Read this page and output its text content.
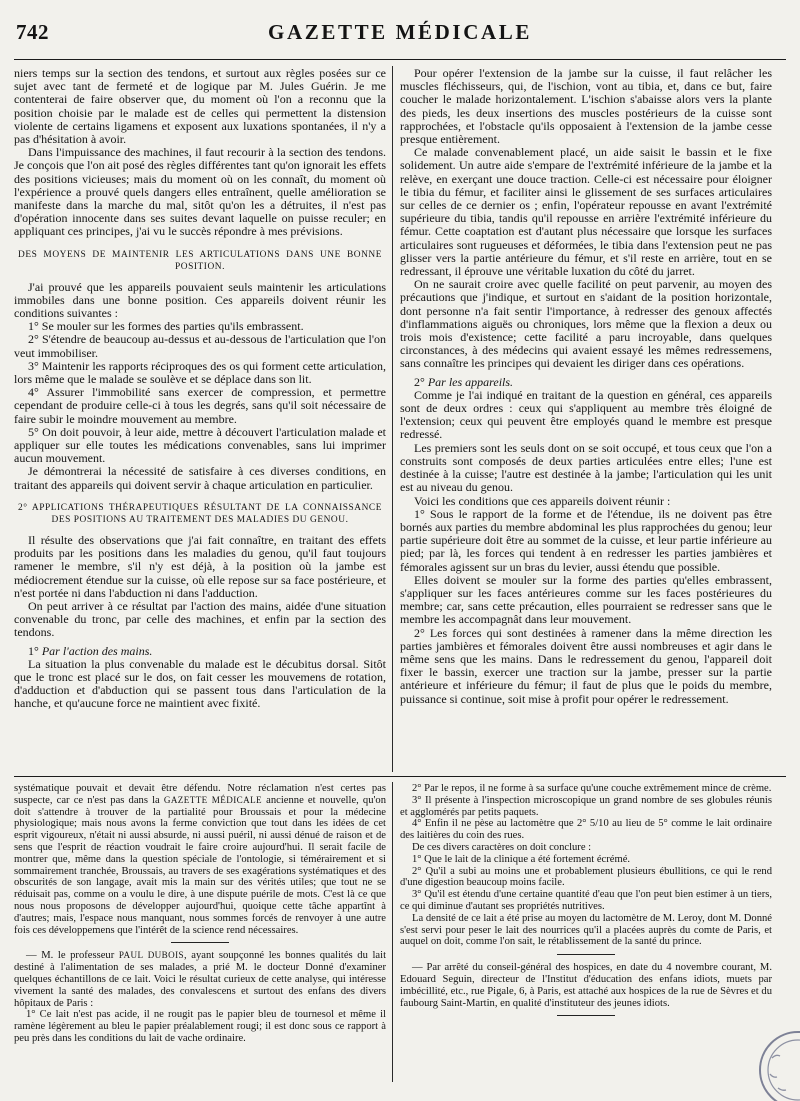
742	GAZETTE MÉDICALE

niers temps sur la section des tendons, et surtout aux règles posées sur ce sujet avec tant de fermeté et de logique par M. Jules Guérin. Je me contenterai de faire observer que, du moment où l'on a reconnu que la position choisie par le malade est de celles qui permettent la distension violente de certains ligamens et exposent aux luxations spontanées, il n'y a pas d'hésitation à avoir.

Dans l'impuissance des machines, il faut recourir à la section des tendons. Je conçois que l'on ait posé des règles différentes tant qu'on ignorait les effets des positions vicieuses; mais du moment où on les connaît, du moment où l'expérience a prouvé quels dangers elles entraînent, quelle amélioration se manifeste dans la marche du mal, sitôt qu'on les a détruites, il n'est pas d'opération innocente dans ses suites devant laquelle on puisse reculer; en appliquant ces principes, j'ai vu le succès répondre à mes prévisions.

DES MOYENS DE MAINTENIR LES ARTICULATIONS DANS UNE BONNE POSITION.

J'ai prouvé que les appareils pouvaient seuls maintenir les articulations immobiles dans une bonne position. Ces appareils doivent réunir les conditions suivantes :

1° Se mouler sur les formes des parties qu'ils embrassent.

2° S'étendre de beaucoup au-dessus et au-dessous de l'articulation que l'on veut immobiliser.

3° Maintenir les rapports réciproques des os qui forment cette articulation, lors même que le malade se soulève et se déplace dans son lit.

4° Assurer l'immobilité sans exercer de compression, et permettre cependant de produire celle-ci à tous les degrés, sans qu'il soit nécessaire de faire subir le moindre mouvement au membre.

5° On doit pouvoir, à leur aide, mettre à découvert l'articulation malade et appliquer sur elle toutes les médications convenables, sans lui imprimer aucun mouvement.

Je démontrerai la nécessité de satisfaire à ces diverses conditions, en traitant des appareils qui doivent servir à chaque articulation en particulier.

2° APPLICATIONS THÉRAPEUTIQUES RÉSULTANT DE LA CONNAISSANCE DES POSITIONS AU TRAITEMENT DES MALADIES DU GENOU.

Il résulte des observations que j'ai fait connaître, en traitant des effets produits par les positions dans les maladies du genou, qu'il faut toujours ramener le membre, s'il n'y est déjà, à la position où la jambe est médiocrement étendue sur la cuisse, où elle repose sur sa face postérieure, et n'est portée ni dans l'abduction ni dans l'adduction.

On peut arriver à ce résultat par l'action des mains, aidée d'une situation convenable du tronc, par celle des machines, et enfin par la section des tendons.

1° Par l'action des mains.

La situation la plus convenable du malade est le décubitus dorsal. Sitôt que le tronc est placé sur le dos, on fait cesser les mouvemens de rotation, d'adduction et d'abduction qui se passent tous dans l'articulation de la hanche, et qu'aucune force ne maintient avec fixité.

Pour opérer l'extension de la jambe sur la cuisse, il faut relâcher les muscles fléchisseurs, qui, de l'ischion, vont au tibia, et, dans ce but, faire coucher le malade horizontalement. L'ischion s'abaisse alors vers la plante des pieds, les deux insertions des muscles postérieurs de la cuisse sont rapprochées, et l'obstacle qu'ils opposaient à l'extension de la jambe cesse presque entièrement.

Ce malade convenablement placé, un aide saisit le bassin et le fixe solidement. Un autre aide s'empare de l'extrémité inférieure de la jambe et la relève, en exerçant une douce traction. Celle-ci est nécessaire pour éloigner le tibia du fémur, et faciliter ainsi le glissement de ses surfaces articulaires sur celles de ce dernier os ; enfin, l'opérateur repousse en avant l'extrémité supérieure du tibia, tandis qu'il repousse en arrière l'extrémité inférieure du fémur. Cette coaptation est d'autant plus nécessaire que lorsque les surfaces articulaires sont rugueuses et déformées, le tibia dans l'extension peut ne pas glisser vers la partie antérieure du fémur, et s'il reste en arrière, tout en se redressant, il éprouve une véritable luxation du côté du jarret.

On ne saurait croire avec quelle facilité on peut parvenir, au moyen des précautions que j'indique, et surtout en s'aidant de la position horizontale, dont personne n'a fait sentir l'importance, à redresser des genoux affectés d'inflammations aiguës ou chroniques, lors même que la flexion a deux ou trois mois d'existence; cette facilité a paru incroyable, dans quelques circonstances, à des médecins qui avaient essayé les mêmes redressemens, sans connaître les principes qui devaient les diriger dans ces opérations.

2° Par les appareils.

Comme je l'ai indiqué en traitant de la question en général, ces appareils sont de deux ordres : ceux qui s'appliquent au membre très éloigné de l'extension; ceux qui peuvent être employés quand le membre est presque redressé.

Les premiers sont les seuls dont on se soit occupé, et tous ceux que l'on a construits sont composés de deux parties articulées entre elles; l'une est destinée à la cuisse; l'autre est destinée à la jambe; l'articulation qui les unit est au niveau du genou.

Voici les conditions que ces appareils doivent réunir :

1° Sous le rapport de la forme et de l'étendue, ils ne doivent pas être bornés aux parties du membre abdominal les plus rapprochées du genou; leur partie supérieure doit être au sommet de la cuisse, et leur partie inférieure au pied; par là, les forces qui tendent à en redresser les parties jambières et fémorales agissent sur un bras du levier, aussi étendu que possible.

Elles doivent se mouler sur la forme des parties qu'elles embrassent, s'appliquer sur les faces antérieures comme sur les faces postérieures du membre; car, sans cette précaution, elles pourraient se redresser sans que le membre les accompagnât dans leur mouvement.

2° Les forces qui sont destinées à ramener dans la même direction les parties jambières et fémorales doivent être aussi nombreuses et agir dans le même sens que les mains. Dans le redressement du genou, l'appareil doit fixer le bassin, exercer une traction sur la jambe, presser sur la partie antérieure et inférieure du fémur; il faut de plus que le poids du membre, puissance si continue, soit mise à profit pour opérer le redressement.

systématique pouvait et devait être défendu. Notre réclamation n'est certes pas suspecte, car ce n'est pas dans la GAZETTE MÉDICALE ancienne et nouvelle, qu'on doit s'attendre à trouver de la partialité pour Broussais et pour la médecine physiologique; mais nous avons la ferme conviction que tout dans les idées de cet esprit vigoureux, n'était ni aussi absurde, ni aussi puéril, ni aussi dénué de raison et de sens que l'esprit de réaction voudrait le faire croire aujourd'hui. Il serait facile de montrer que, même dans la question spéciale de l'ontologie, si témérairement et si sommairement tranchée, Broussais, au travers de ses exagérations systématiques et des obscurités de son langage, avait mis la main sur des vérités utiles; que tout ne se réduisait pas, comme on a voulu le dire, à une dispute puérile de mots. C'est là ce que nous nous proposons de développer aujourd'hui, quoique cette tâche appartînt à d'autres; mais, l'espace nous manquant, nous sommes forcés de renvoyer à une autre fois ces développemens que l'intérêt de la science rend nécessaires.

— M. le professeur PAUL DUBOIS, ayant soupçonné les bonnes qualités du lait destiné à l'alimentation de ses malades, a prié M. le docteur Donné d'examiner quelques échantillons de ce lait. Voici le résultat curieux de cette analyse, qui intéresse vivement la santé des malades, des convalescens et surtout des enfans des divers hôpitaux de Paris :

1° Ce lait n'est pas acide, il ne rougit pas le papier bleu de tournesol et même il ramène légèrement au bleu le papier préalablement rougi; il est donc sous ce rapport à peu près dans les conditions du lait de vache ordinaire.

2° Par le repos, il ne forme à sa surface qu'une couche extrêmement mince de crème.

3° Il présente à l'inspection microscopique un grand nombre de ses globules réunis et agglomérés par petits paquets.

4° Enfin il ne pèse au lactomètre que 2° 5/10 au lieu de 5° comme le lait ordinaire des laitières du coin des rues.

De ces divers caractères on doit conclure :

1° Que le lait de la clinique a été fortement écrémé.

2° Qu'il a subi au moins une et probablement plusieurs ébullitions, ce qui le rend d'une digestion beaucoup moins facile.

3° Qu'il est étendu d'une certaine quantité d'eau que l'on peut bien estimer à un tiers, ce qui diminue d'autant ses propriétés nutritives.

La densité de ce lait a été prise au moyen du lactomètre de M. Leroy, dont M. Donné s'est servi pour peser le lait des nourrices qu'il a placées auprès du comte de Paris, et auquel on doit, comme l'on sait, le rétablissement de la santé du prince.

— Par arrêté du conseil-général des hospices, en date du 4 novembre courant, M. Edouard Seguin, directeur de l'Institut d'éducation des enfans idiots, muets par imbécillité, etc., rue Pigale, 6, à Paris, est attaché aux hospices de la rue de Sèvres et du faubourg Saint-Martin, en qualité d'instituteur des jeunes idiots.
